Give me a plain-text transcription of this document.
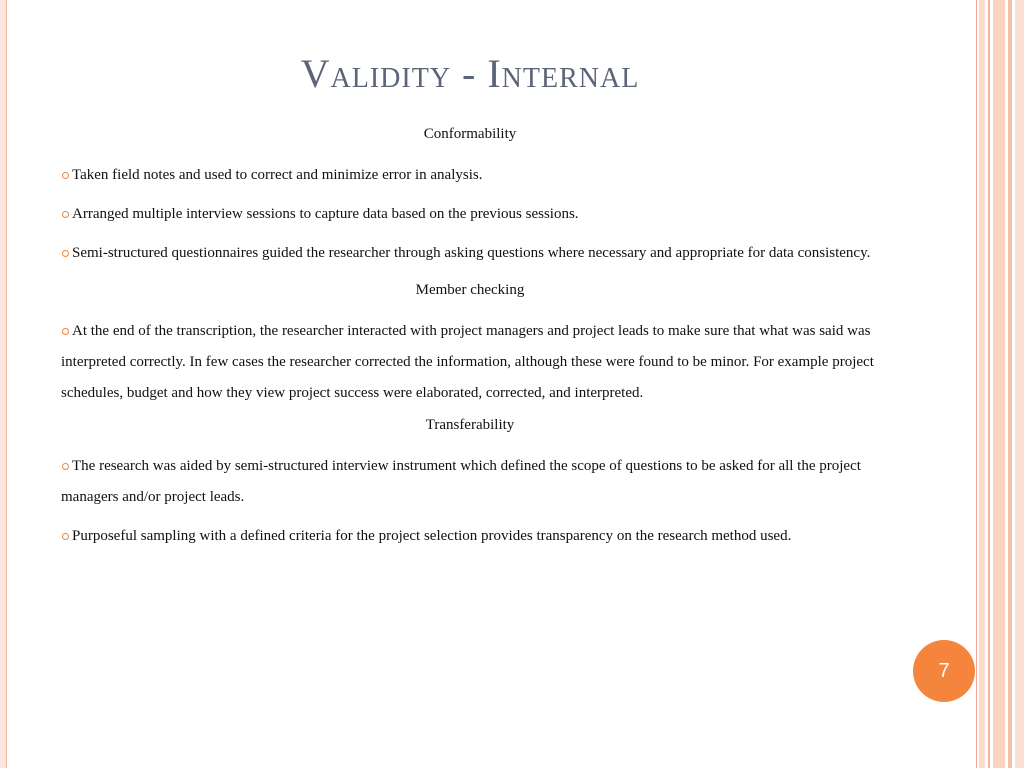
Validity - Internal
Conformability
Taken field notes and used to correct and minimize error in analysis.
Arranged multiple interview sessions to capture data based on the previous sessions.
Semi-structured questionnaires guided the researcher through asking questions where necessary and appropriate for data consistency.
Member checking
At the end of the transcription, the researcher interacted with project managers and project leads to make sure that what was said was interpreted correctly. In few cases the researcher corrected the information, although these were found to be minor. For example project schedules, budget and how they view project success were elaborated, corrected, and interpreted.
Transferability
The research was aided by semi-structured interview instrument which defined the scope of questions to be asked for all the project managers and/or project leads.
Purposeful sampling with a defined criteria for the project selection provides transparency on the research method used.
7
